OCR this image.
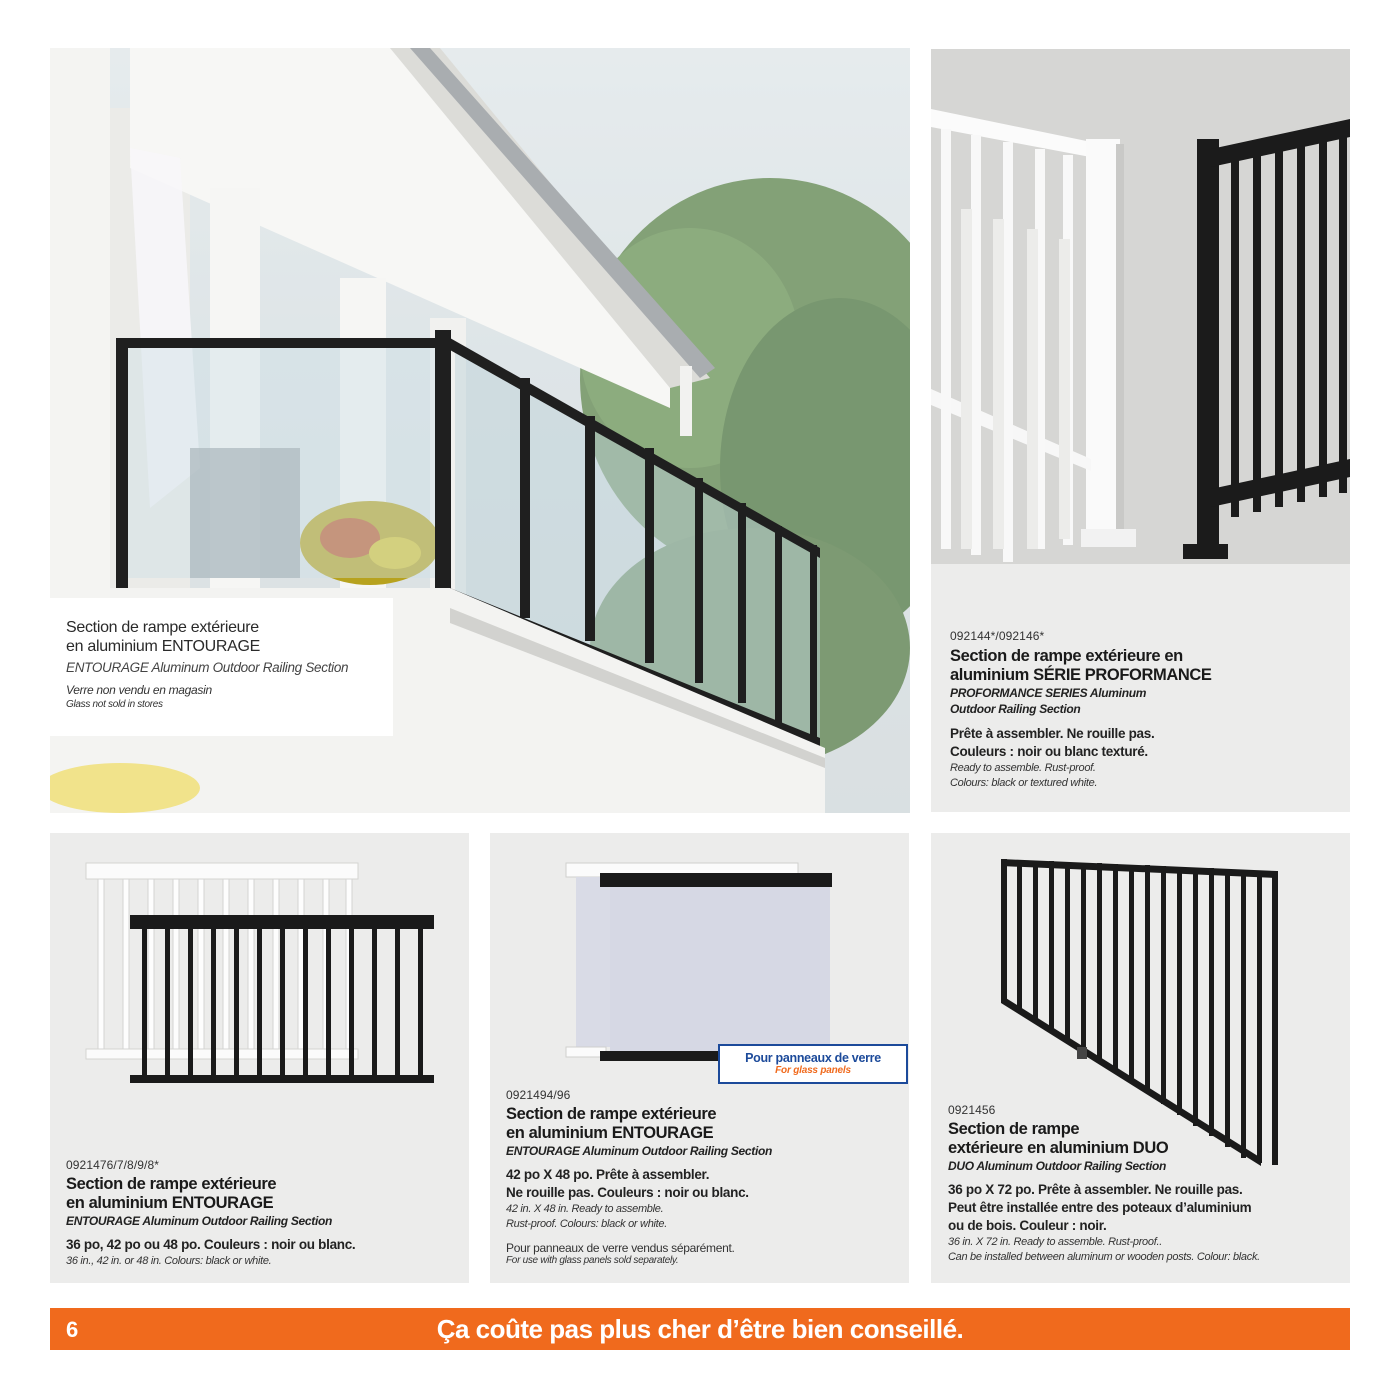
Section de rampe extérieure
en aluminium ENTOURAGE
ENTOURAGE Aluminum Outdoor Railing Section
Verre non vendu en magasin
Glass not sold in stores
092144*/092146*
Section de rampe extérieure en
aluminium SÉRIE PROFORMANCE
PROFORMANCE SERIES Aluminum
Outdoor Railing Section
Prête à assembler. Ne rouille pas.
Couleurs : noir ou blanc texturé.
Ready to assemble. Rust-proof.
Colours: black or textured white.
0921476/7/8/9/8*
Section de rampe extérieure
en aluminium ENTOURAGE
ENTOURAGE Aluminum Outdoor Railing Section
36 po, 42 po ou 48 po. Couleurs : noir ou blanc.
36 in., 42 in. or 48 in. Colours: black or white.
0921494/96
Section de rampe extérieure
en aluminium ENTOURAGE
ENTOURAGE Aluminum Outdoor Railing Section
42 po X 48 po. Prête à assembler.
Ne rouille pas. Couleurs : noir ou blanc.
42 in. X 48 in. Ready to assemble.
Rust-proof. Colours: black or white.
Pour panneaux de verre vendus séparément.
For use with glass panels sold separately.
Pour panneaux de verre
For glass panels
0921456
Section de rampe
extérieure en aluminium DUO
DUO Aluminum Outdoor Railing Section
36 po X 72 po. Prête à assembler. Ne rouille pas.
Peut être installée entre des poteaux d’aluminium
ou de bois. Couleur : noir.
36 in. X 72 in. Ready to assemble. Rust-proof..
Can be installed between aluminum or wooden posts. Colour: black.
6	Ça coûte pas plus cher d’être bien conseillé.
